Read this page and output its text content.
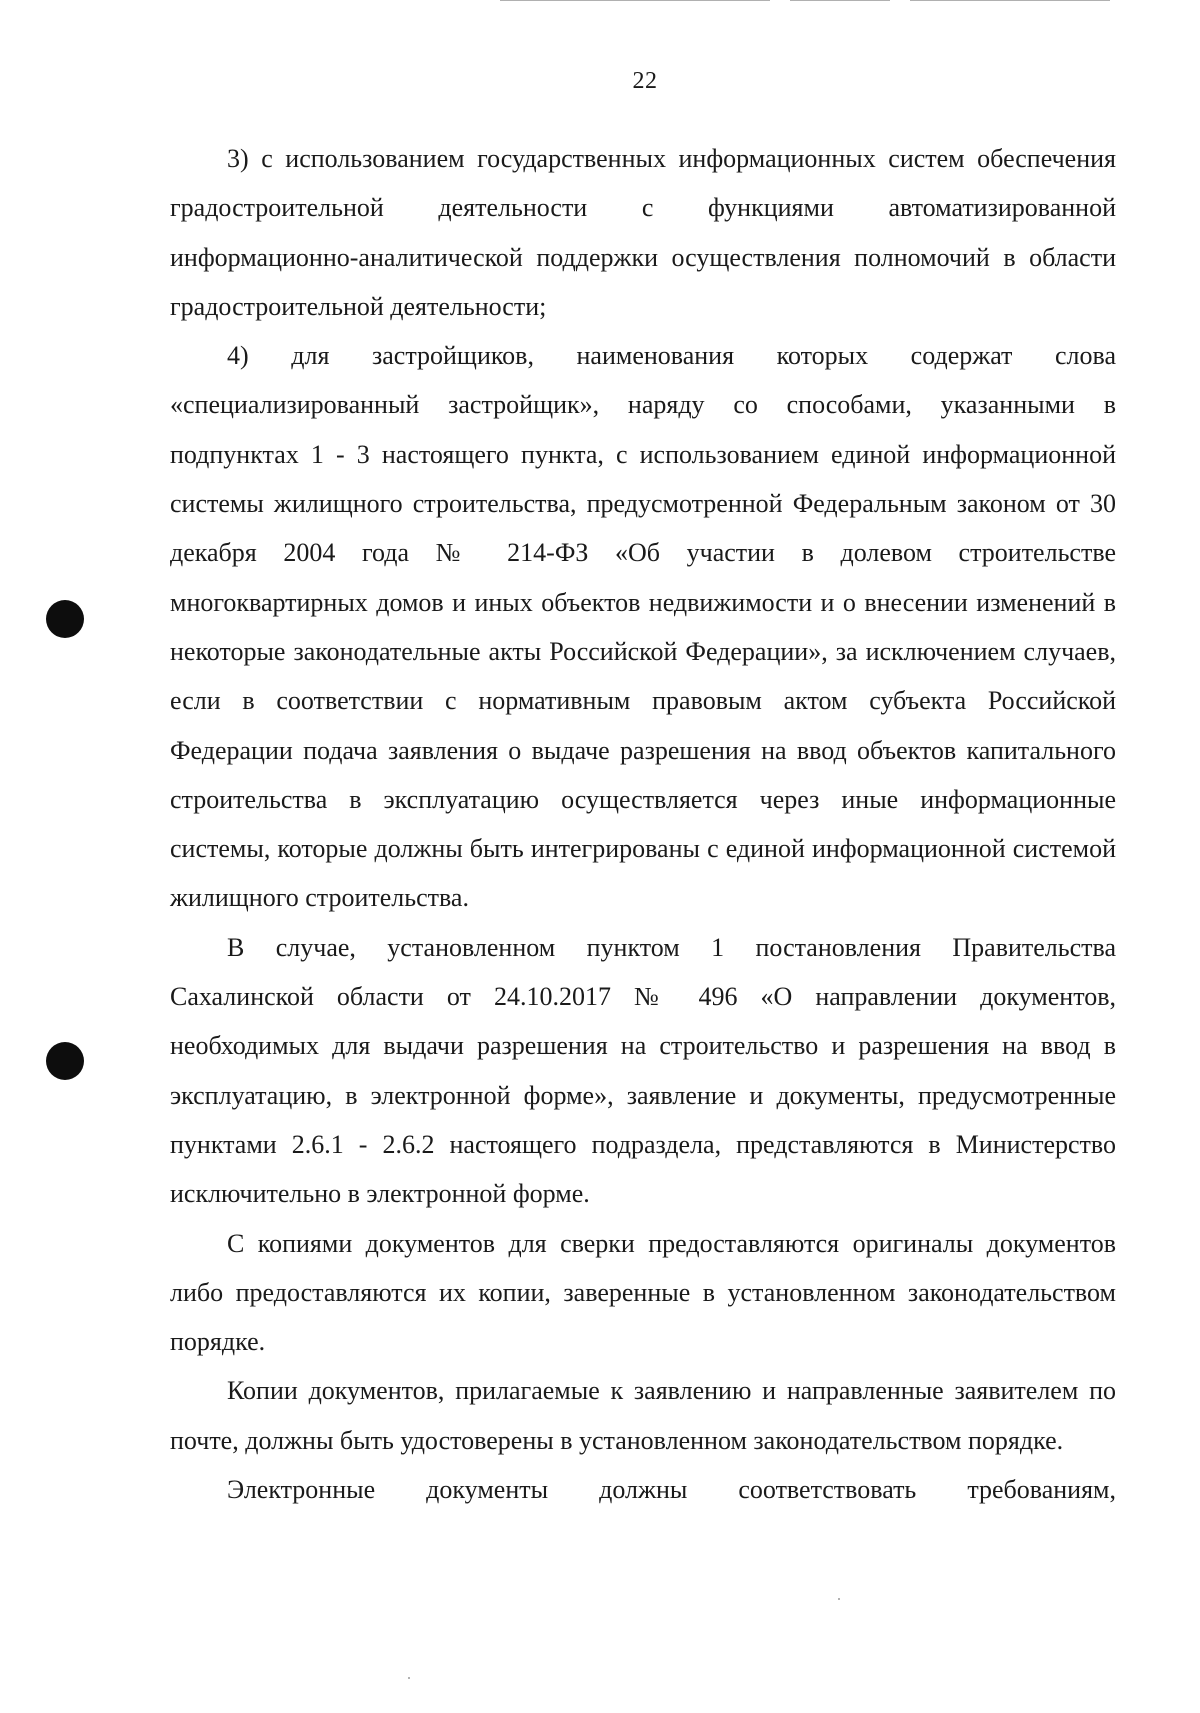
22

3) с использованием государственных информационных систем обеспечения градостроительной деятельности с функциями автоматизированной информационно-аналитической поддержки осуществления полномочий в области градостроительной деятельности;

4) для застройщиков, наименования которых содержат слова «специализированный застройщик», наряду со способами, указанными в подпунктах 1 - 3 настоящего пункта, с использованием единой информационной системы жилищного строительства, предусмотренной Федеральным законом от 30 декабря 2004 года № 214-ФЗ «Об участии в долевом строительстве многоквартирных домов и иных объектов недвижимости и о внесении изменений в некоторые законодательные акты Российской Федерации», за исключением случаев, если в соответствии с нормативным правовым актом субъекта Российской Федерации подача заявления о выдаче разрешения на ввод объектов капитального строительства в эксплуатацию осуществляется через иные информационные системы, которые должны быть интегрированы с единой информационной системой жилищного строительства.

В случае, установленном пунктом 1 постановления Правительства Сахалинской области от 24.10.2017 № 496 «О направлении документов, необходимых для выдачи разрешения на строительство и разрешения на ввод в эксплуатацию, в электронной форме», заявление и документы, предусмотренные пунктами 2.6.1 - 2.6.2 настоящего подраздела, представляются в Министерство исключительно в электронной форме.

С копиями документов для сверки предоставляются оригиналы документов либо предоставляются их копии, заверенные в установленном законодательством порядке.

Копии документов, прилагаемые к заявлению и направленные заявителем по почте, должны быть удостоверены в установленном законодательством порядке.

Электронные документы должны соответствовать требованиям,
